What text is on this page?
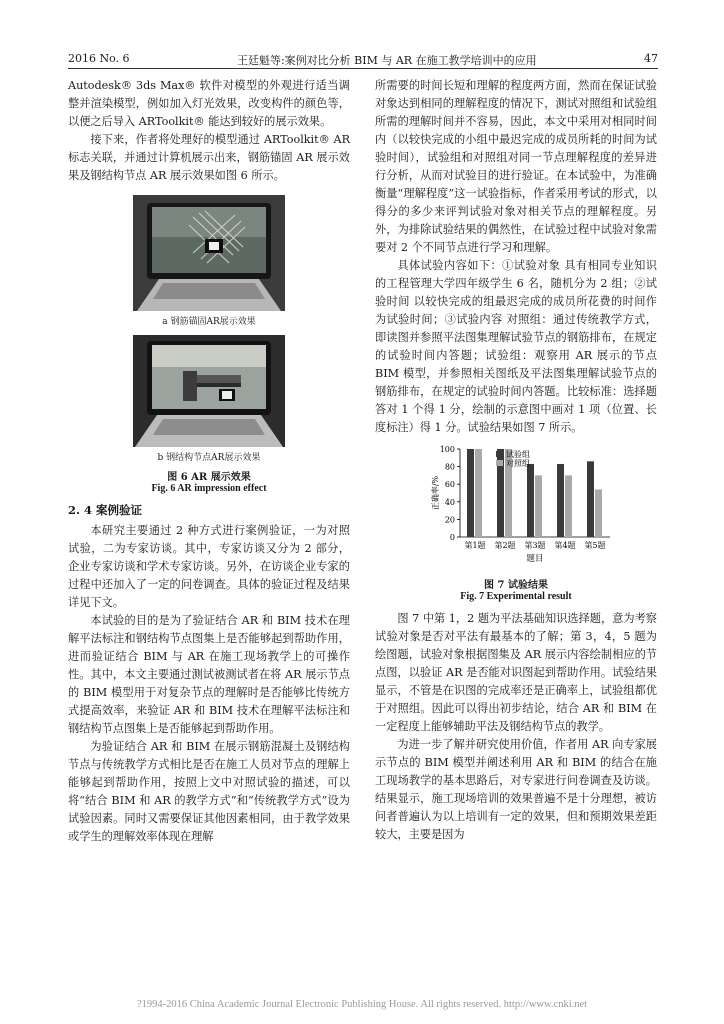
2016 No. 6	王廷魁等:案例对比分析 BIM 与 AR 在施工教学培训中的应用	47

Autodesk® 3ds Max® 软件对模型的外观进行适当调整并渲染模型，例如加入灯光效果，改变构件的颜色等，以便之后导入 ARToolkit® 能达到较好的展示效果。

接下来，作者将处理好的模型通过 ARToolkit® AR 标志关联，并通过计算机展示出来，钢筋锚固 AR 展示效果及钢结构节点 AR 展示效果如图 6 所示。

a 钢筋锚固AR展示效果
b 钢结构节点AR展示效果
图 6 AR 展示效果
Fig. 6 AR impression effect
2. 4 案例验证

本研究主要通过 2 种方式进行案例验证，一为对照试验，二为专家访谈。其中，专家访谈又分为 2 部分，企业专家访谈和学术专家访谈。另外，在访谈企业专家的过程中还加入了一定的问卷调查。具体的验证过程及结果详见下文。

本试验的目的是为了验证结合 AR 和 BIM 技术在理解平法标注和钢结构节点图集上是否能够起到帮助作用，进而验证结合 BIM 与 AR 在施工现场教学上的可操作性。其中，本文主要通过测试被测试者在将 AR 展示节点的 BIM 模型用于对复杂节点的理解时是否能够比传统方式提高效率，来验证 AR 和 BIM 技术在理解平法标注和钢结构节点图集上是否能够起到帮助作用。

为验证结合 AR 和 BIM 在展示钢筋混凝土及钢结构节点与传统教学方式相比是否在施工人员对节点的理解上能够起到帮助作用，按照上文中对照试验的描述，可以将“结合 BIM 和 AR 的教学方式”和“传统教学方式”设为试验因素。同时又需要保证其他因素相同，由于教学效果或学生的理解效率体现在理解

所需要的时间长短和理解的程度两方面，然而在保证试验对象达到相同的理解程度的情况下，测试对照组和试验组所需的理解时间并不容易，因此，本文中采用对相同时间内（以较快完成的小组中最迟完成的成员所耗的时间为试验时间），试验组和对照组对同一节点理解程度的差异进行分析，从而对试验目的进行验证。在本试验中，为准确衡量“理解程度”这一试验指标，作者采用考试的形式，以得分的多少来评判试验对象对相关节点的理解程度。另外，为排除试验结果的偶然性，在试验过程中试验对象需要对 2 个不同节点进行学习和理解。

具体试验内容如下：①试验对象 具有相同专业知识的工程管理大学四年级学生 6 名，随机分为 2 组；②试验时间 以较快完成的组最迟完成的成员所花费的时间作为试验时间；③试验内容 对照组：通过传统教学方式，即读图并参照平法图集理解试验节点的钢筋排布，在规定的试验时间内答题；试验组：观察用 AR 展示的节点 BIM 模型，并参照相关图纸及平法图集理解试验节点的钢筋排布，在规定的试验时间内答题。比较标准：选择题答对 1 个得 1 分，绘制的示意图中画对 1 项（位置、长度标注）得 1 分。试验结果如图 7 所示。

0
20
40
60
80
100
正确率/%
第1题 第2题 第3题 第4题 第5题
题目
试验组
对照组
图 7 试验结果
Fig. 7 Experimental result

图 7 中第 1，2 题为平法基础知识选择题，意为考察试验对象是否对平法有最基本的了解；第 3，4，5 题为绘图题，试验对象根据图集及 AR 展示内容绘制相应的节点图，以验证 AR 是否能对识图起到帮助作用。试验结果显示，不管是在识图的完成率还是正确率上，试验组都优于对照组。因此可以得出初步结论，结合 AR 和 BIM 在一定程度上能够辅助平法及钢结构节点的教学。

为进一步了解并研究使用价值，作者用 AR 向专家展示节点的 BIM 模型并阐述利用 AR 和 BIM 的结合在施工现场教学的基本思路后，对专家进行问卷调查及访谈。结果显示，施工现场培训的效果普遍不是十分理想，被访问者普遍认为以上培训有一定的效果，但和预期效果差距较大，主要是因为

?1994-2016 China Academic Journal Electronic Publishing House. All rights reserved. http://www.cnki.net
